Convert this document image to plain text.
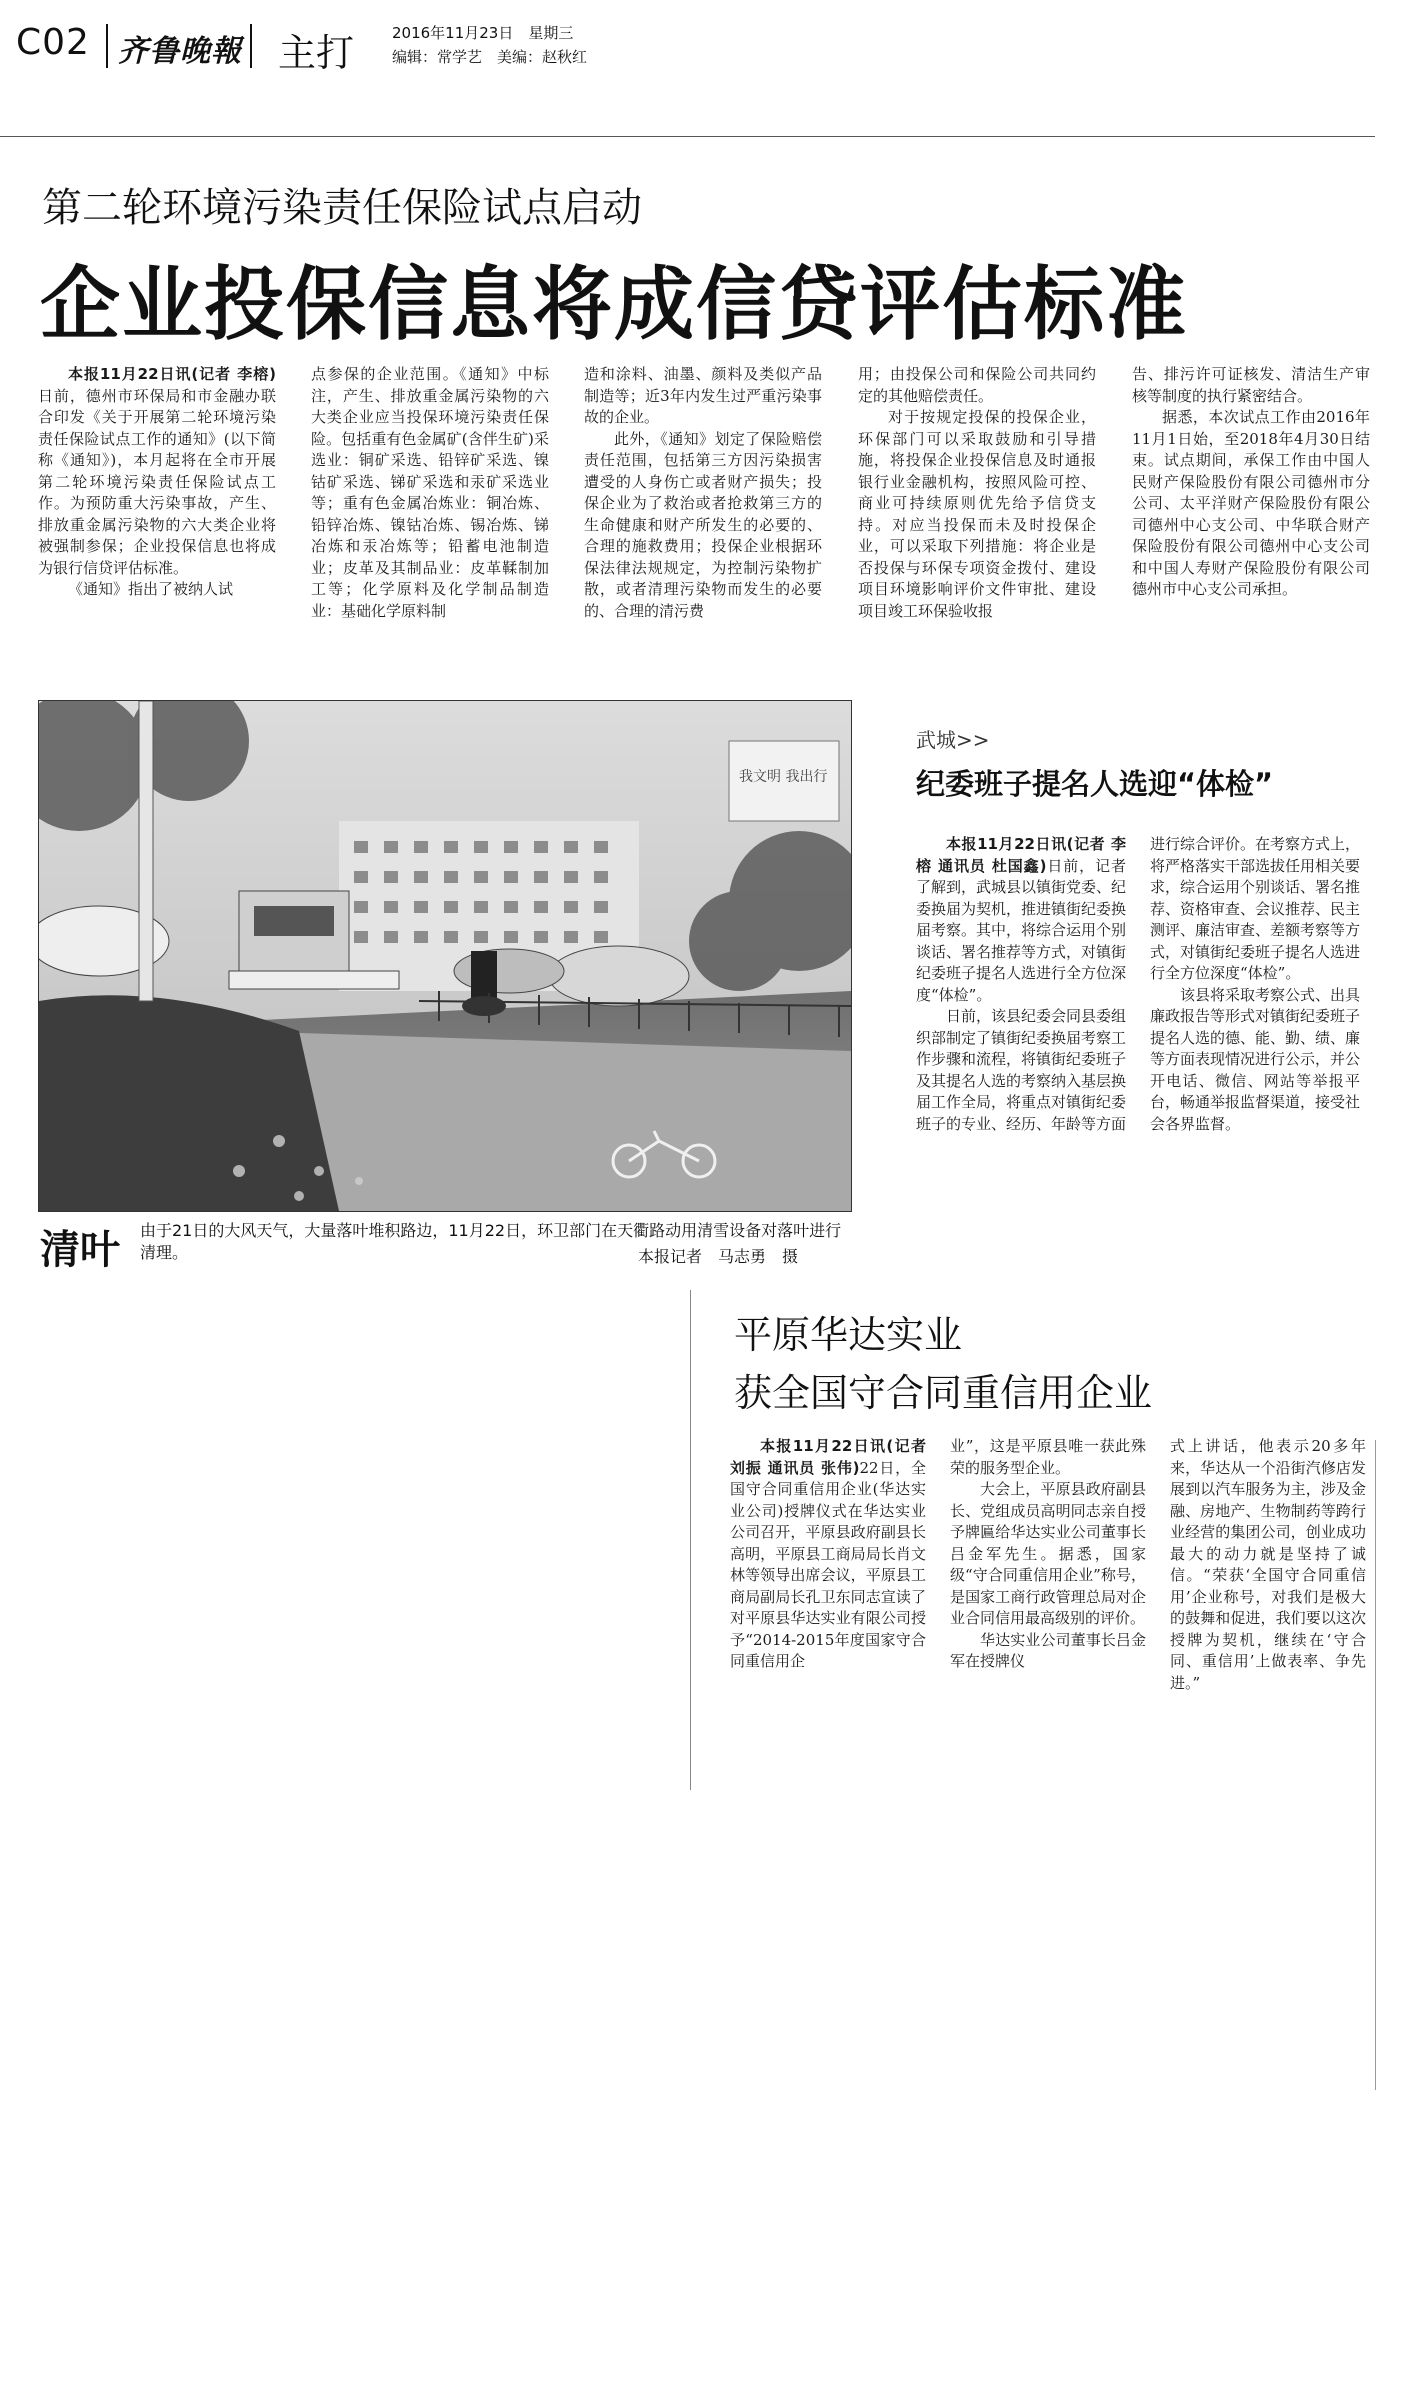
C02 齐鲁晚報 主打	2016年11月23日　星期三
编辑：常学艺　美编：赵秋红
第二轮环境污染责任保险试点启动
企业投保信息将成信贷评估标准

本报11月22日讯(记者 李榕)日前，德州市环保局和市金融办联合印发《关于开展第二轮环境污染责任保险试点工作的通知》(以下简称《通知》)，本月起将在全市开展第二轮环境污染责任保险试点工作。为预防重大污染事故，产生、排放重金属污染物的六大类企业将被强制参保；企业投保信息也将成为银行信贷评估标准。

《通知》指出了被纳人试

点参保的企业范围。《通知》中标注，产生、排放重金属污染物的六大类企业应当投保环境污染责任保险。包括重有色金属矿(含伴生矿)采选业：铜矿采选、铅锌矿采选、镍钴矿采选、锑矿采选和汞矿采选业等；重有色金属冶炼业：铜冶炼、铅锌冶炼、镍钴冶炼、锡冶炼、锑冶炼和汞冶炼等；铅蓄电池制造业；皮革及其制品业：皮革鞣制加工等；化学原料及化学制品制造业：基础化学原料制

造和涂料、油墨、颜料及类似产品制造等；近3年内发生过严重污染事故的企业。

此外，《通知》划定了保险赔偿责任范围，包括第三方因污染损害遭受的人身伤亡或者财产损失；投保企业为了救治或者抢救第三方的生命健康和财产所发生的必要的、合理的施救费用；投保企业根据环保法律法规规定，为控制污染物扩散，或者清理污染物而发生的必要的、合理的清污费

用；由投保公司和保险公司共同约定的其他赔偿责任。

对于按规定投保的投保企业，环保部门可以采取鼓励和引导措施，将投保企业投保信息及时通报银行业金融机构，按照风险可控、商业可持续原则优先给予信贷支持。对应当投保而未及时投保企业，可以采取下列措施：将企业是否投保与环保专项资金拨付、建设项目环境影响评价文件审批、建设项目竣工环保验收报

告、排污许可证核发、清洁生产审核等制度的执行紧密结合。

据悉，本次试点工作由2016年11月1日始，至2018年4月30日结束。试点期间，承保工作由中国人民财产保险股份有限公司德州市分公司、太平洋财产保险股份有限公司德州中心支公司、中华联合财产保险股份有限公司德州中心支公司和中国人寿财产保险股份有限公司德州市中心支公司承担。

我文明 我出行
清叶 由于21日的大风天气，大量落叶堆积路边，11月22日，环卫部门在天衢路动用清雪设备对落叶进行清理。	本报记者　马志勇　摄
武城>>
纪委班子提名人选迎“体检”

本报11月22日讯(记者 李榕 通讯员 杜国鑫)日前，记者了解到，武城县以镇街党委、纪委换届为契机，推进镇街纪委换届考察。其中，将综合运用个别谈话、署名推荐等方式，对镇街纪委班子提名人选进行全方位深度“体检”。

日前，该县纪委会同县委组织部制定了镇街纪委换届考察工作步骤和流程，将镇街纪委班子及其提名人选的考察纳入基层换届工作全局，将重点对镇街纪委班子的专业、经历、年龄等方面

进行综合评价。在考察方式上，将严格落实干部选拔任用相关要求，综合运用个别谈话、署名推荐、资格审查、会议推荐、民主测评、廉洁审查、差额考察等方式，对镇街纪委班子提名人选进行全方位深度“体检”。

该县将采取考察公式、出具廉政报告等形式对镇街纪委班子提名人选的德、能、勤、绩、廉等方面表现情况进行公示，并公开电话、微信、网站等举报平台，畅通举报监督渠道，接受社会各界监督。

平原华达实业
获全国守合同重信用企业

本报11月22日讯(记者 刘振 通讯员 张伟)22日，全国守合同重信用企业(华达实业公司)授牌仪式在华达实业公司召开，平原县政府副县长高明，平原县工商局局长肖文林等领导出席会议，平原县工商局副局长孔卫东同志宣读了对平原县华达实业有限公司授予“2014-2015年度国家守合同重信用企

业”，这是平原县唯一获此殊荣的服务型企业。

大会上，平原县政府副县长、党组成员高明同志亲自授予牌匾给华达实业公司董事长吕金军先生。据悉，国家级“守合同重信用企业”称号，是国家工商行政管理总局对企业合同信用最高级别的评价。

华达实业公司董事长吕金军在授牌仪

式上讲话，他表示20多年来，华达从一个沿街汽修店发展到以汽车服务为主，涉及金融、房地产、生物制药等跨行业经营的集团公司，创业成功最大的动力就是坚持了诚信。“荣获‘全国守合同重信用’企业称号，对我们是极大的鼓舞和促进，我们要以这次授牌为契机，继续在‘守合同、重信用’上做表率、争先进。”
